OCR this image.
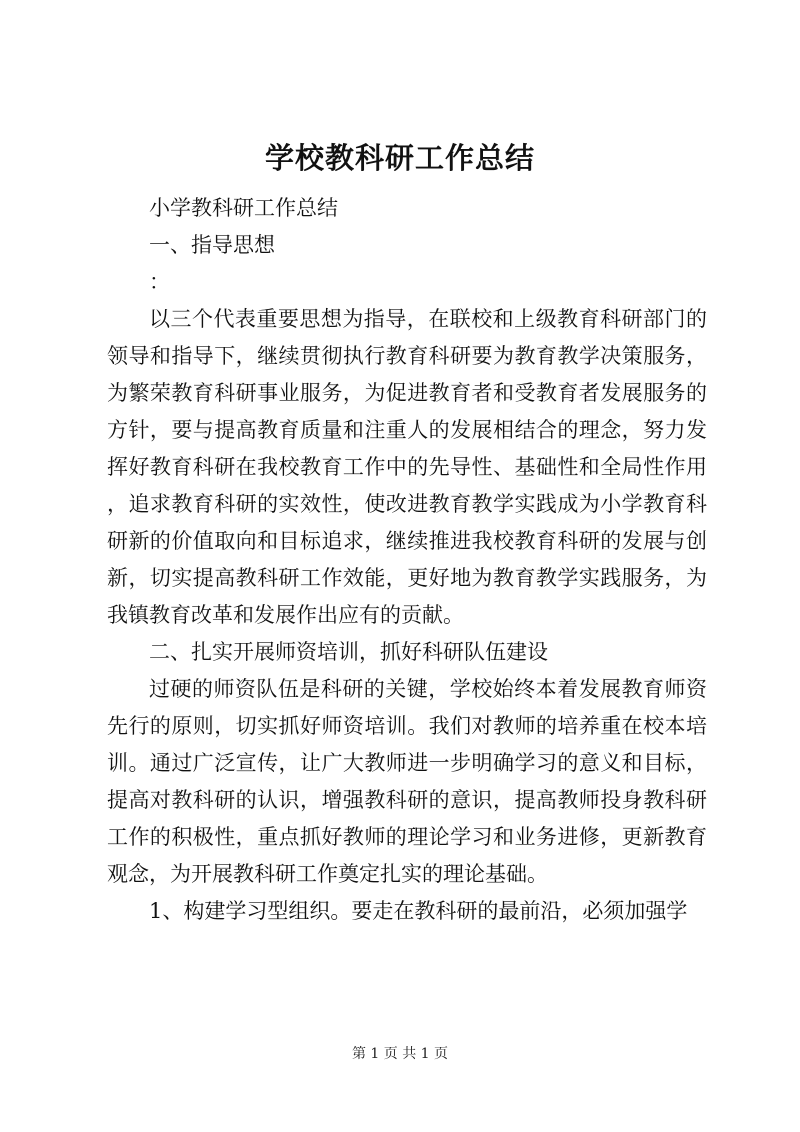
学校教科研工作总结

小学教科研工作总结

一、指导思想

：

以三个代表重要思想为指导，在联校和上级教育科研部门的领导和指导下，继续贯彻执行教育科研要为教育教学决策服务，为繁荣教育科研事业服务，为促进教育者和受教育者发展服务的方针，要与提高教育质量和注重人的发展相结合的理念，努力发挥好教育科研在我校教育工作中的先导性、基础性和全局性作用，追求教育科研的实效性，使改进教育教学实践成为小学教育科研新的价值取向和目标追求，继续推进我校教育科研的发展与创新，切实提高教科研工作效能，更好地为教育教学实践服务，为我镇教育改革和发展作出应有的贡献。

二、扎实开展师资培训，抓好科研队伍建设

过硬的师资队伍是科研的关键，学校始终本着发展教育师资先行的原则，切实抓好师资培训。我们对教师的培养重在校本培训。通过广泛宣传，让广大教师进一步明确学习的意义和目标，提高对教科研的认识，增强教科研的意识，提高教师投身教科研工作的积极性，重点抓好教师的理论学习和业务进修，更新教育观念，为开展教科研工作奠定扎实的理论基础。

1、构建学习型组织。要走在教科研的最前沿，必须加强学

第 1 页 共 1 页
